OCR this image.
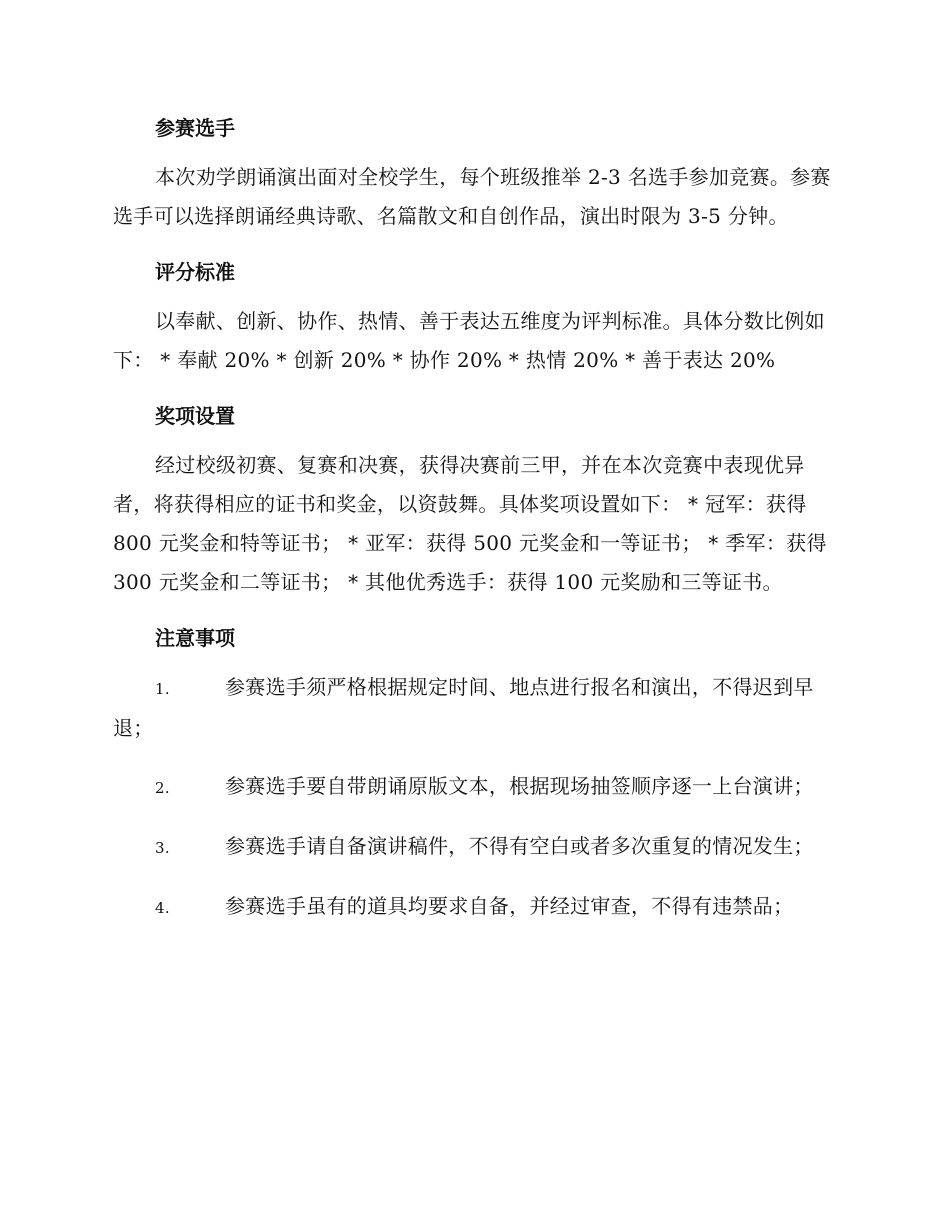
参赛选手

本次劝学朗诵演出面对全校学生，每个班级推举 2-3 名选手参加竞赛。参赛选手可以选择朗诵经典诗歌、名篇散文和自创作品，演出时限为 3-5 分钟。

评分标准

以奉献、创新、协作、热情、善于表达五维度为评判标准。具体分数比例如下： * 奉献 20% * 创新 20% * 协作 20% * 热情 20% * 善于表达 20%

奖项设置

经过校级初赛、复赛和决赛，获得决赛前三甲，并在本次竞赛中表现优异者，将获得相应的证书和奖金，以资鼓舞。具体奖项设置如下： * 冠军：获得 800 元奖金和特等证书； * 亚军：获得 500 元奖金和一等证书； * 季军：获得 300 元奖金和二等证书； * 其他优秀选手：获得 100 元奖励和三等证书。

注意事项

1.	参赛选手须严格根据规定时间、地点进行报名和演出，不得迟到早退；

2.	参赛选手要自带朗诵原版文本，根据现场抽签顺序逐一上台演讲；

3.	参赛选手请自备演讲稿件，不得有空白或者多次重复的情况发生；

4.	参赛选手虽有的道具均要求自备，并经过审查，不得有违禁品；
